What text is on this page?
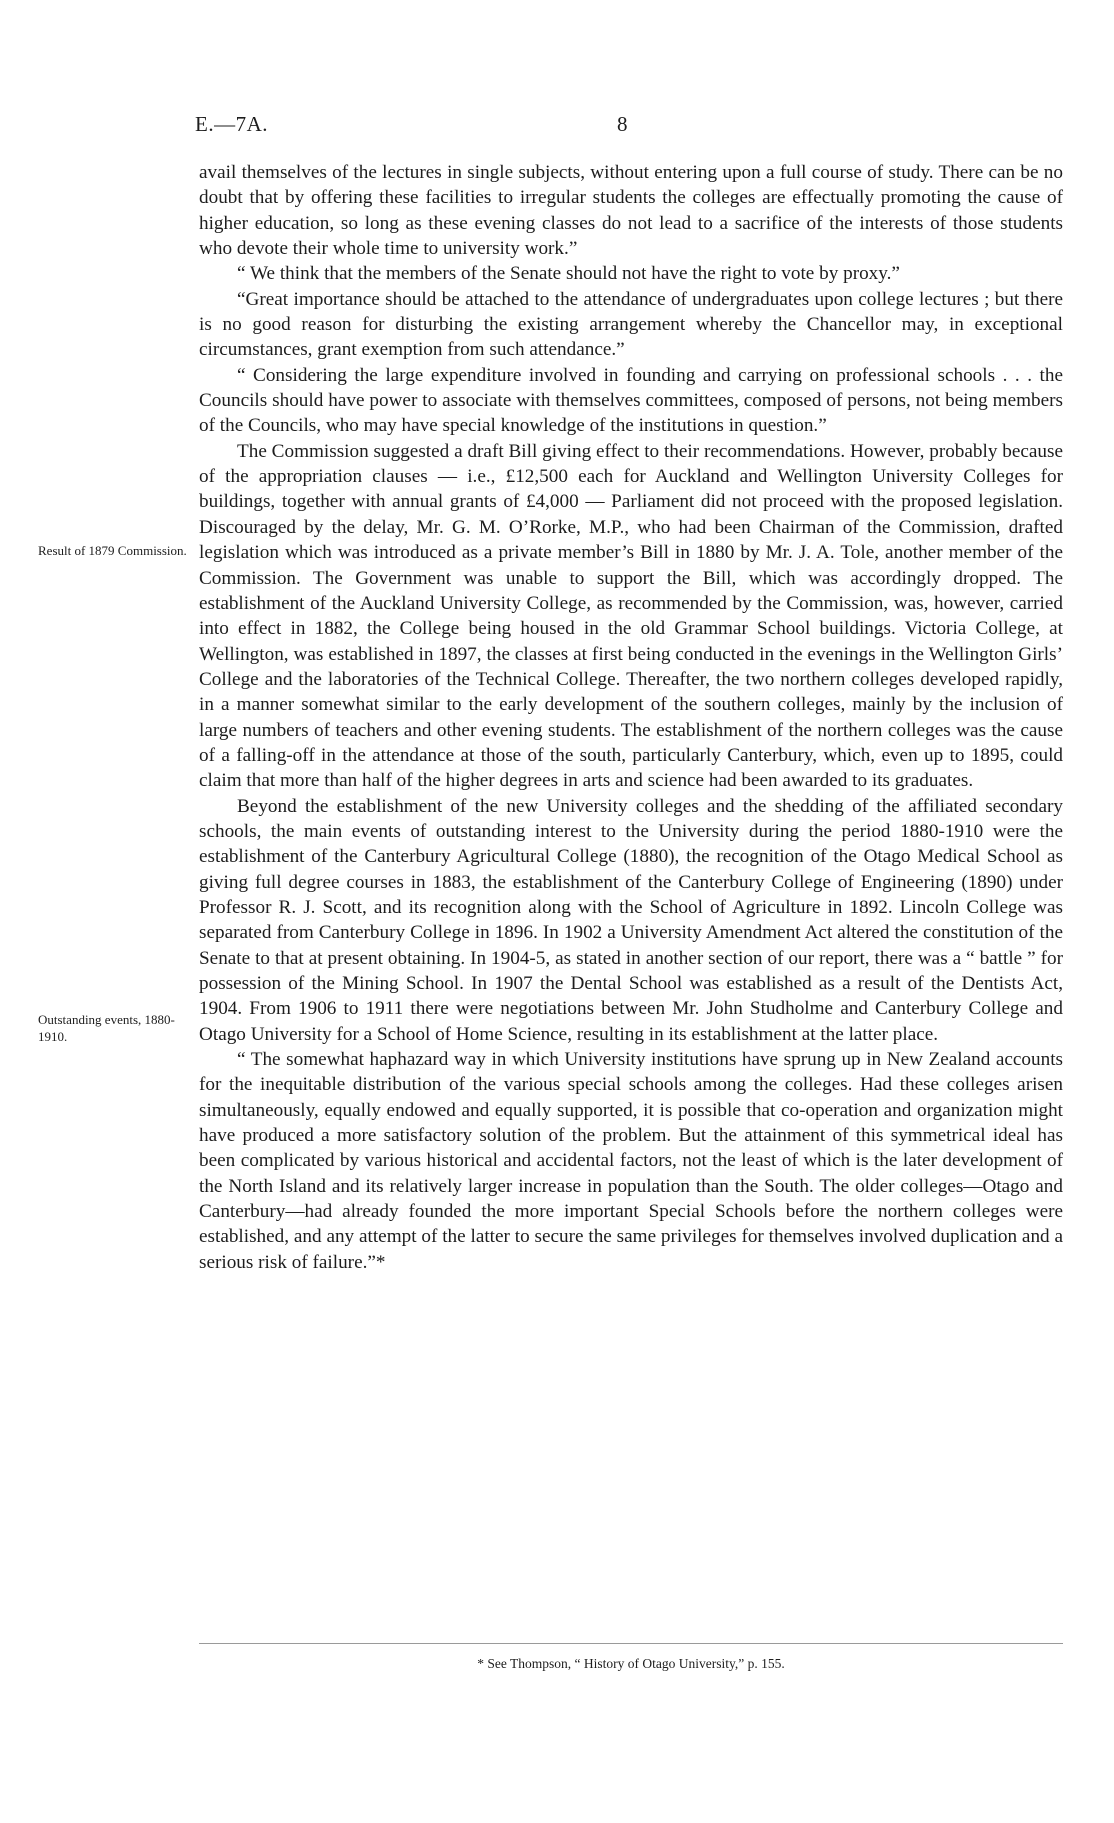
E.—7A.	8
Result of 1879 Commission.
Outstanding events, 1880-1910.

avail themselves of the lectures in single subjects, without entering upon a full course of study. There can be no doubt that by offering these facilities to irregular students the colleges are effectually promoting the cause of higher education, so long as these evening classes do not lead to a sacrifice of the interests of those students who devote their whole time to university work.”

“ We think that the members of the Senate should not have the right to vote by proxy.”

“Great importance should be attached to the attendance of undergraduates upon college lectures ; but there is no good reason for disturbing the existing arrangement whereby the Chancellor may, in exceptional circumstances, grant exemption from such attendance.”

“ Considering the large expenditure involved in founding and carrying on professional schools . . . the Councils should have power to associate with themselves committees, composed of persons, not being members of the Councils, who may have special knowledge of the institutions in question.”

The Commission suggested a draft Bill giving effect to their recommendations. However, probably because of the appropriation clauses — i.e., £12,500 each for Auckland and Wellington University Colleges for buildings, together with annual grants of £4,000 — Parliament did not proceed with the proposed legislation. Discouraged by the delay, Mr. G. M. O’Rorke, M.P., who had been Chairman of the Commission, drafted legislation which was introduced as a private member’s Bill in 1880 by Mr. J. A. Tole, another member of the Commission. The Government was unable to support the Bill, which was accordingly dropped. The establishment of the Auckland University College, as recommended by the Commission, was, however, carried into effect in 1882, the College being housed in the old Grammar School buildings. Victoria College, at Wellington, was established in 1897, the classes at first being conducted in the evenings in the Wellington Girls’ College and the laboratories of the Technical College. Thereafter, the two northern colleges developed rapidly, in a manner somewhat similar to the early development of the southern colleges, mainly by the inclusion of large numbers of teachers and other evening students. The establishment of the northern colleges was the cause of a falling-off in the attendance at those of the south, particularly Canterbury, which, even up to 1895, could claim that more than half of the higher degrees in arts and science had been awarded to its graduates.

Beyond the establishment of the new University colleges and the shedding of the affiliated secondary schools, the main events of outstanding interest to the University during the period 1880-1910 were the establishment of the Canterbury Agricultural College (1880), the recognition of the Otago Medical School as giving full degree courses in 1883, the establishment of the Canterbury College of Engineering (1890) under Professor R. J. Scott, and its recognition along with the School of Agriculture in 1892. Lincoln College was separated from Canterbury College in 1896. In 1902 a University Amendment Act altered the constitution of the Senate to that at present obtaining. In 1904-5, as stated in another section of our report, there was a “ battle ” for possession of the Mining School. In 1907 the Dental School was established as a result of the Dentists Act, 1904. From 1906 to 1911 there were negotiations between Mr. John Studholme and Canterbury College and Otago University for a School of Home Science, resulting in its establishment at the latter place.

“ The somewhat haphazard way in which University institutions have sprung up in New Zealand accounts for the inequitable distribution of the various special schools among the colleges. Had these colleges arisen simultaneously, equally endowed and equally supported, it is possible that co-operation and organization might have produced a more satisfactory solution of the problem. But the attainment of this symmetrical ideal has been complicated by various historical and accidental factors, not the least of which is the later development of the North Island and its relatively larger increase in population than the South. The older colleges—Otago and Canterbury—had already founded the more important Special Schools before the northern colleges were established, and any attempt of the latter to secure the same privileges for themselves involved duplication and a serious risk of failure.”*

* See Thompson, “ History of Otago University,” p. 155.
